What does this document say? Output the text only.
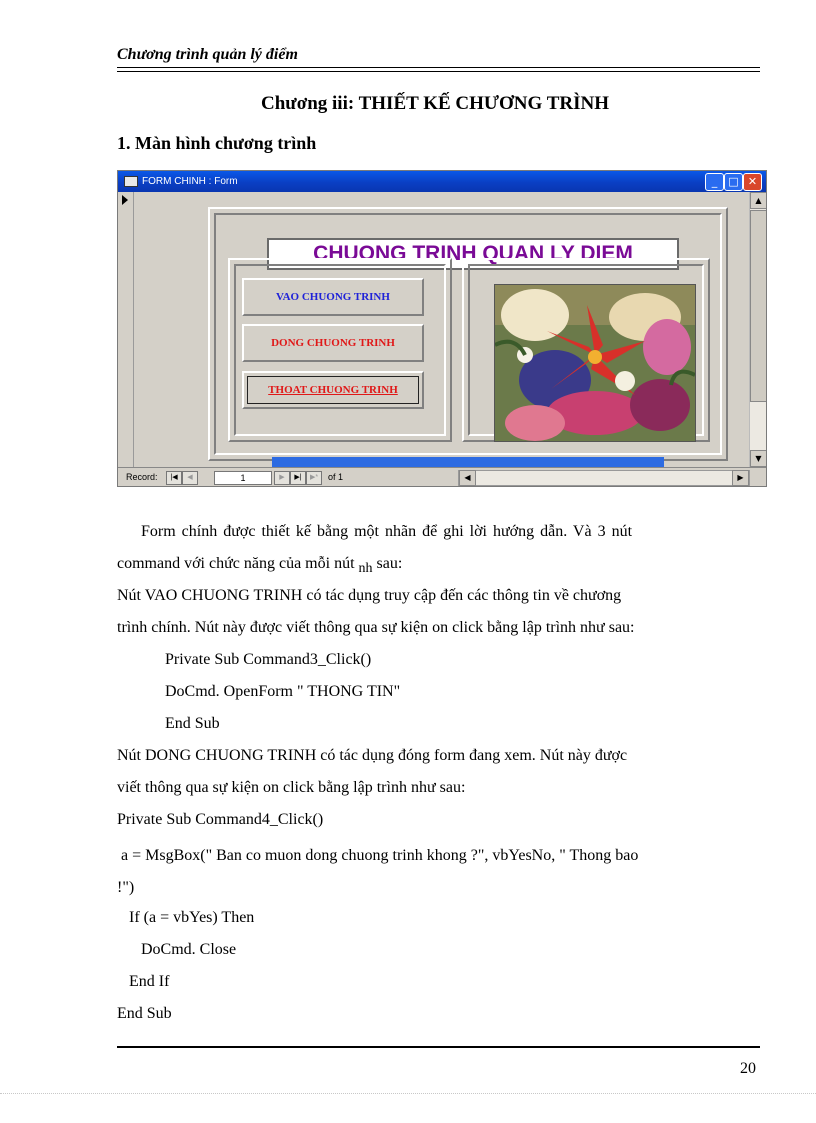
Chương trình quản lý điểm
Chương iii: THIẾT KẾ CHƯƠNG TRÌNH
1. Màn hình chương trình
FORM CHINH : Form	_	□ ✕
CHUONG TRINH QUAN LY DIEM
VAO CHUONG TRINH
DONG CHUONG TRINH
THOAT CHUONG TRINH
▲
▼
Record:	|◀	◀	1	▶	▶|	▶*	of 1	◀	▶
Form chính được thiết kế bằng một nhãn để ghi lời hướng dẫn. Và 3 nút
command với chức năng của mỗi nút nh sau:
Nút VAO CHUONG TRINH có tác dụng truy cập đến các thông tin về chương
trình chính. Nút này được viết thông qua sự kiện on click bằng lập trình như sau:
Private Sub Command3_Click()
DoCmd. OpenForm " THONG TIN"
End Sub
Nút DONG CHUONG TRINH có tác dụng đóng form đang xem. Nút này được
viết thông qua sự kiện on click bằng lập trình như sau:
Private Sub Command4_Click()
a = MsgBox(" Ban co muon dong chuong trinh khong ?", vbYesNo, " Thong bao
!")
If (a = vbYes) Then
DoCmd. Close
End If
End Sub
20
